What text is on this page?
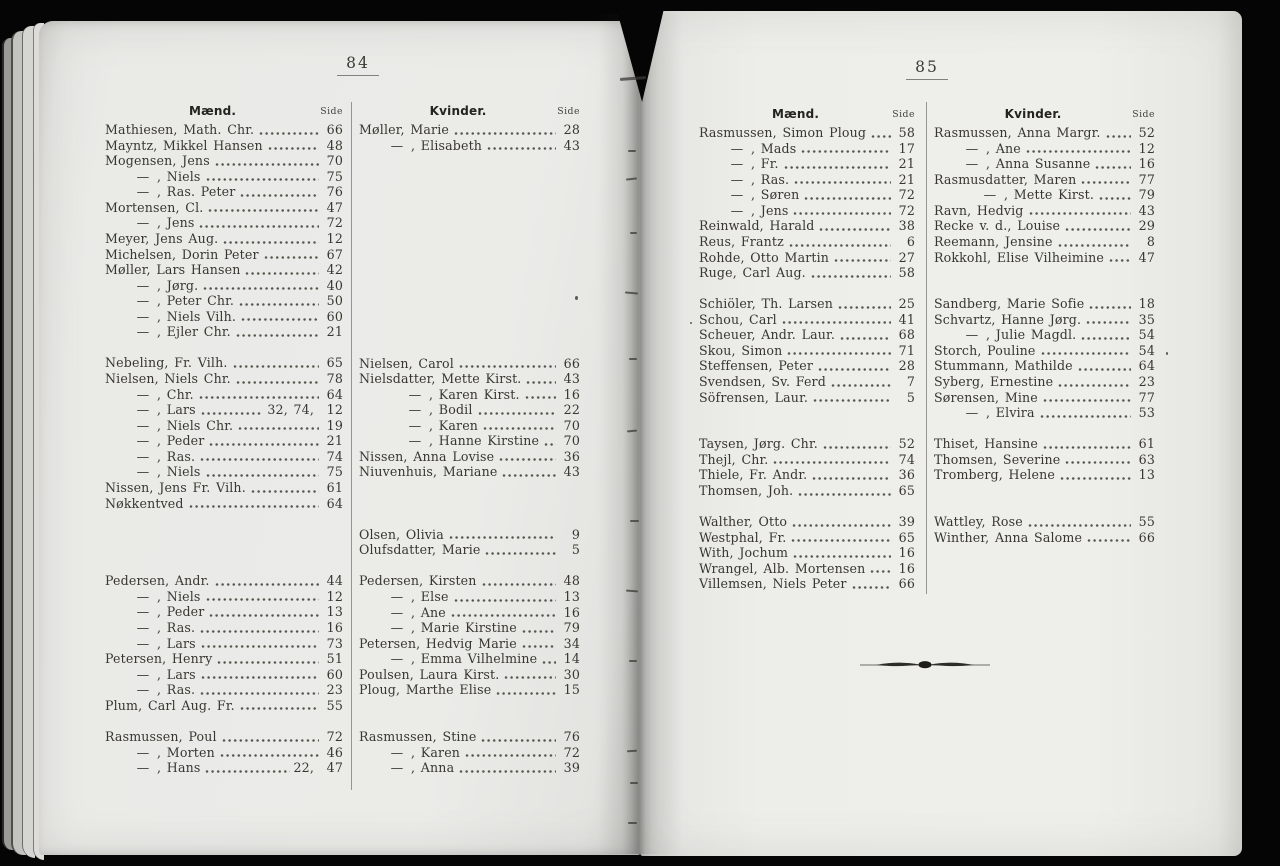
84	85
Mænd.	Side
Mathiesen, Math. Chr.	66
Mayntz, Mikkel Hansen	48
Mogensen, Jens	70
— , Niels	75
— , Ras. Peter	76
Mortensen, Cl.	47
— , Jens	72
Meyer, Jens Aug.	12
Michelsen, Dorin Peter	67
Møller, Lars Hansen	42
— , Jørg.	40
— , Peter Chr.	50
— , Niels Vilh.	60
— , Ejler Chr.	21
Nebeling, Fr. Vilh.	65
Nielsen, Niels Chr.	78
— , Chr.	64
— , Lars	32, 74, 12
— , Niels Chr.	19
— , Peder	21
— , Ras.	74
— , Niels	75
Nissen, Jens Fr. Vilh.	61
Nøkkentved	64
Pedersen, Andr.	44
— , Niels	12
— , Peder	13
— , Ras.	16
— , Lars	73
Petersen, Henry	51
— , Lars	60
— , Ras.	23
Plum, Carl Aug. Fr.	55
Rasmussen, Poul	72
— , Morten	46
— , Hans	22, 47
Kvinder.	Side
Møller, Marie	28
— , Elisabeth	43
Nielsen, Carol	66
Nielsdatter, Mette Kirst.	43
— , Karen Kirst.	16
— , Bodil	22
— , Karen	70
— , Hanne Kirstine 70
Nissen, Anna Lovise	36
Niuvenhuis, Mariane	43
Olsen, Olivia	9
Olufsdatter, Marie	5
Pedersen, Kirsten	48
— , Else	13
— , Ane	16
— , Marie Kirstine	79
Petersen, Hedvig Marie	34
— , Emma Vilhelmine 14
Poulsen, Laura Kirst.	30
Ploug, Marthe Elise	15
Rasmussen, Stine	76
— , Karen	72
— , Anna	39
Mænd.	Side
Rasmussen, Simon Ploug	58
— , Mads	17
— , Fr.	21
— , Ras.	21
— , Søren	72
— , Jens	72
Reinwald, Harald	38
Reus, Frantz	6
Rohde, Otto Martin	27
Ruge, Carl Aug.	58
Schiöler, Th. Larsen	25
Schou, Carl	41
Scheuer, Andr. Laur.	68
Skou, Simon	71
Steffensen, Peter	28
Svendsen, Sv. Ferd	7
Söfrensen, Laur.	5
Taysen, Jørg. Chr.	52
Thejl, Chr.	74
Thiele, Fr. Andr.	36
Thomsen, Joh.	65
Walther, Otto	39
Westphal, Fr.	65
With, Jochum	16
Wrangel, Alb. Mortensen	16
Villemsen, Niels Peter	66
Kvinder.	Side
Rasmussen, Anna Margr.	52
— , Ane	12
— , Anna Susanne	16
Rasmusdatter, Maren	77
— , Mette Kirst.	79
Ravn, Hedvig	43
Recke v. d., Louise	29
Reemann, Jensine	8
Rokkohl, Elise Vilheimine	47
Sandberg, Marie Sofie	18
Schvartz, Hanne Jørg.	35
— , Julie Magdl.	54
Storch, Pouline	54
Stummann, Mathilde	64
Syberg, Ernestine	23
Sørensen, Mine	77
— , Elvira	53
Thiset, Hansine	61
Thomsen, Severine	63
Tromberg, Helene	13
Wattley, Rose	55
Winther, Anna Salome	66
